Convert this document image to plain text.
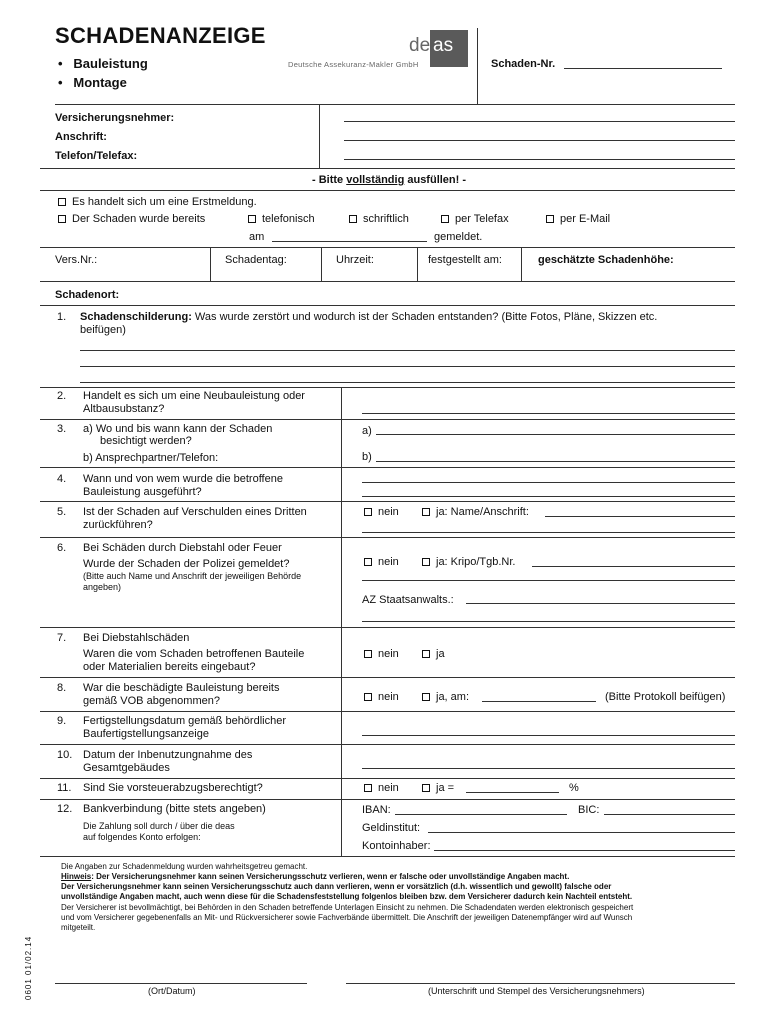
SCHADENANZEIGE
•   Bauleistung
•   Montage
de as
Deutsche Assekuranz-Makler GmbH	Schaden-Nr.
Versicherungsnehmer:
Anschrift:
Telefon/Telefax:
- Bitte vollständig ausfüllen! -
Es handelt sich um eine Erstmeldung.
Der Schaden wurde bereits	telefonisch	schriftlich	per Telefax	per E-Mail
am	gemeldet.
Vers.Nr.:	Schadentag:	Uhrzeit:	festgestellt am:	geschätzte Schadenhöhe:
Schadenort:
1. Schadenschilderung: Was wurde zerstört und wodurch ist der Schaden entstanden? (Bitte Fotos, Pläne, Skizzen etc.
beifügen)
2. Handelt es sich um eine Neubauleistung oder
Altbausubstanz?
3. a) Wo und bis wann kann der Schaden
besichtigt werden?
b) Ansprechpartner/Telefon:
a)
b)
4. Wann und von wem wurde die betroffene
Bauleistung ausgeführt?
5. Ist der Schaden auf Verschulden eines Dritten
zurückführen?
nein	ja: Name/Anschrift:
6. Bei Schäden durch Diebstahl oder Feuer
Wurde der Schaden der Polizei gemeldet?
(Bitte auch Name und Anschrift der jeweiligen Behörde
angeben)
nein	ja: Kripo/Tgb.Nr.
AZ Staatsanwalts.:
7. Bei Diebstahlschäden
Waren die vom Schaden betroffenen Bauteile
oder Materialien bereits eingebaut?
nein	ja
8. War die beschädigte Bauleistung bereits
gemäß VOB abgenommen?	nein	ja, am:	(Bitte Protokoll beifügen)
9. Fertigstellungsdatum gemäß behördlicher
Baufertigstellungsanzeige
10. Datum der Inbenutzungnahme des
Gesamtgebäudes
11. Sind Sie vorsteuerabzugsberechtigt?	nein	ja =	%
12. Bankverbindung (bitte stets angeben)
Die Zahlung soll durch / über die deas
auf folgendes Konto erfolgen:
IBAN:	BIC:
Geldinstitut:
Kontoinhaber:
Die Angaben zur Schadenmeldung wurden wahrheitsgetreu gemacht.
Hinweis: Der Versicherungsnehmer kann seinen Versicherungsschutz verlieren, wenn er falsche oder unvollständige Angaben macht.
Der Versicherungsnehmer kann seinen Versicherungsschutz auch dann verlieren, wenn er vorsätzlich (d.h. wissentlich und gewollt) falsche oder
unvollständige Angaben macht, auch wenn diese für die Schadensfeststellung folgenlos bleiben bzw. dem Versicherer dadurch kein Nachteil entsteht.
Der Versicherer ist bevollmächtigt, bei Behörden in den Schaden betreffende Unterlagen Einsicht zu nehmen. Die Schadendaten werden elektronisch gespeichert
und vom Versicherer gegebenenfalls an Mit- und Rückversicherer sowie Fachverbände übermittelt. Die Anschrift der jeweiligen Datenempfänger wird auf Wunsch
mitgeteilt.
(Ort/Datum)	(Unterschrift und Stempel des Versicherungsnehmers)
0601 01/02.14
